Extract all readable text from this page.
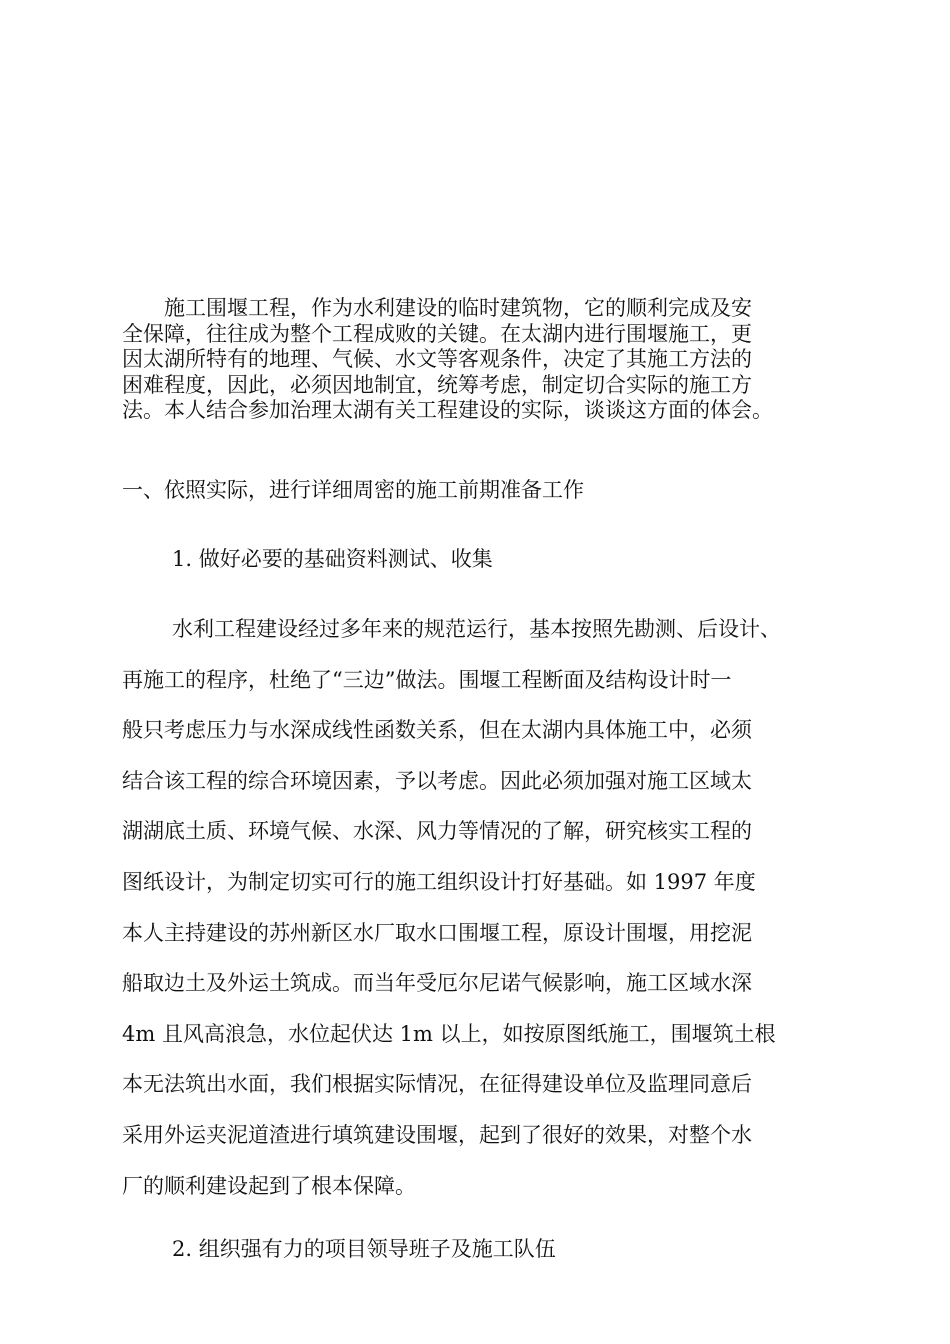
　　施工围堰工程，作为水利建设的临时建筑物，它的顺利完成及安
全保障，往往成为整个工程成败的关键。在太湖内进行围堰施工，更
因太湖所特有的地理、气候、水文等客观条件，决定了其施工方法的
困难程度，因此，必须因地制宜，统筹考虑，制定切合实际的施工方
法。本人结合参加治理太湖有关工程建设的实际，谈谈这方面的体会。
一、依照实际，进行详细周密的施工前期准备工作
1. 做好必要的基础资料测试、收集
水利工程建设经过多年来的规范运行，基本按照先勘测、后设计、
再施工的程序，杜绝了“三边”做法。围堰工程断面及结构设计时一
般只考虑压力与水深成线性函数关系，但在太湖内具体施工中，必须
结合该工程的综合环境因素，予以考虑。因此必须加强对施工区域太
湖湖底土质、环境气候、水深、风力等情况的了解，研究核实工程的
图纸设计，为制定切实可行的施工组织设计打好基础。如 1997 年度
本人主持建设的苏州新区水厂取水口围堰工程，原设计围堰，用挖泥
船取边土及外运土筑成。而当年受厄尔尼诺气候影响，施工区域水深
4m 且风高浪急，水位起伏达 1m 以上，如按原图纸施工，围堰筑土根
本无法筑出水面，我们根据实际情况，在征得建设单位及监理同意后
采用外运夹泥道渣进行填筑建设围堰，起到了很好的效果，对整个水
厂的顺利建设起到了根本保障。
2. 组织强有力的项目领导班子及施工队伍
